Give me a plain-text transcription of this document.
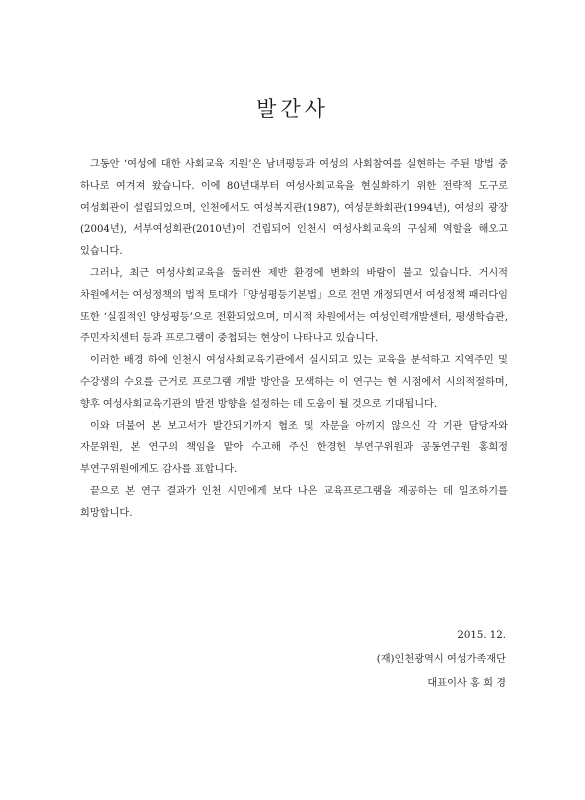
발간사

그동안 ‘여성에 대한 사회교육 지원’은 남녀평등과 여성의 사회참여를 실현하는 주된 방법 중 하나로 여겨져 왔습니다. 이에 80년대부터 여성사회교육을 현실화하기 위한 전략적 도구로 여성회관이 설립되었으며, 인천에서도 여성복지관(1987), 여성문화회관(1994년), 여성의 광장(2004년), 서부여성회관(2010년)이 건립되어 인천시 여성사회교육의 구심체 역할을 해오고 있습니다.

그러나, 최근 여성사회교육을 둘러싼 제반 환경에 변화의 바람이 불고 있습니다. 거시적 차원에서는 여성정책의 법적 토대가「양성평등기본법」으로 전면 개정되면서 여성정책 패러다임 또한 ‘실질적인 양성평등’으로 전환되었으며, 미시적 차원에서는 여성인력개발센터, 평생학습관, 주민자치센터 등과 프로그램이 중첩되는 현상이 나타나고 있습니다.

이러한 배경 하에 인천시 여성사회교육기관에서 실시되고 있는 교육을 분석하고 지역주민 및 수강생의 수요를 근거로 프로그램 개발 방안을 모색하는 이 연구는 현 시점에서 시의적절하며, 향후 여성사회교육기관의 발전 방향을 설정하는 데 도움이 될 것으로 기대됩니다.

이와 더불어 본 보고서가 발간되기까지 협조 및 자문을 아끼지 않으신 각 기관 담당자와 자문위원, 본 연구의 책임을 맡아 수고해 주신 한경헌 부연구위원과 공동연구원 홍희정 부연구위원에게도 감사를 표합니다.

끝으로 본 연구 결과가 인천 시민에게 보다 나은 교육프로그램을 제공하는 데 일조하기를 희망합니다.

2015. 12.
(재)인천광역시 여성가족재단
대표이사 홍 희 경
